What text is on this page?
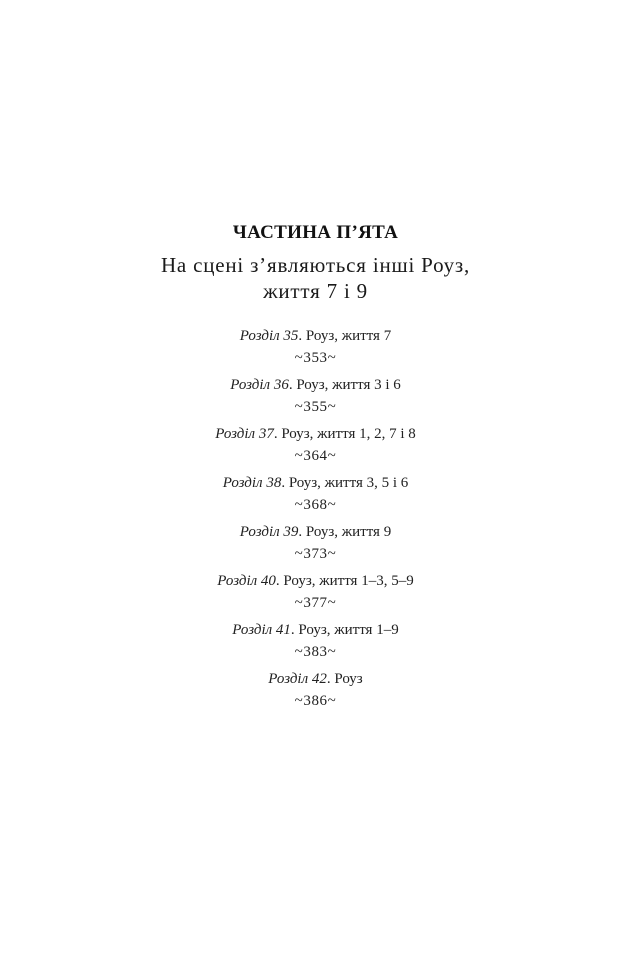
ЧАСТИНА П’ЯТА
На сцені з’являються інші Роуз,
життя 7 і 9
Розділ 35. Роуз, життя 7
~353~
Розділ 36. Роуз, життя 3 і 6
~355~
Розділ 37. Роуз, життя 1, 2, 7 і 8
~364~
Розділ 38. Роуз, життя 3, 5 і 6
~368~
Розділ 39. Роуз, життя 9
~373~
Розділ 40. Роуз, життя 1–3, 5–9
~377~
Розділ 41. Роуз, життя 1–9
~383~
Розділ 42. Роуз
~386~
